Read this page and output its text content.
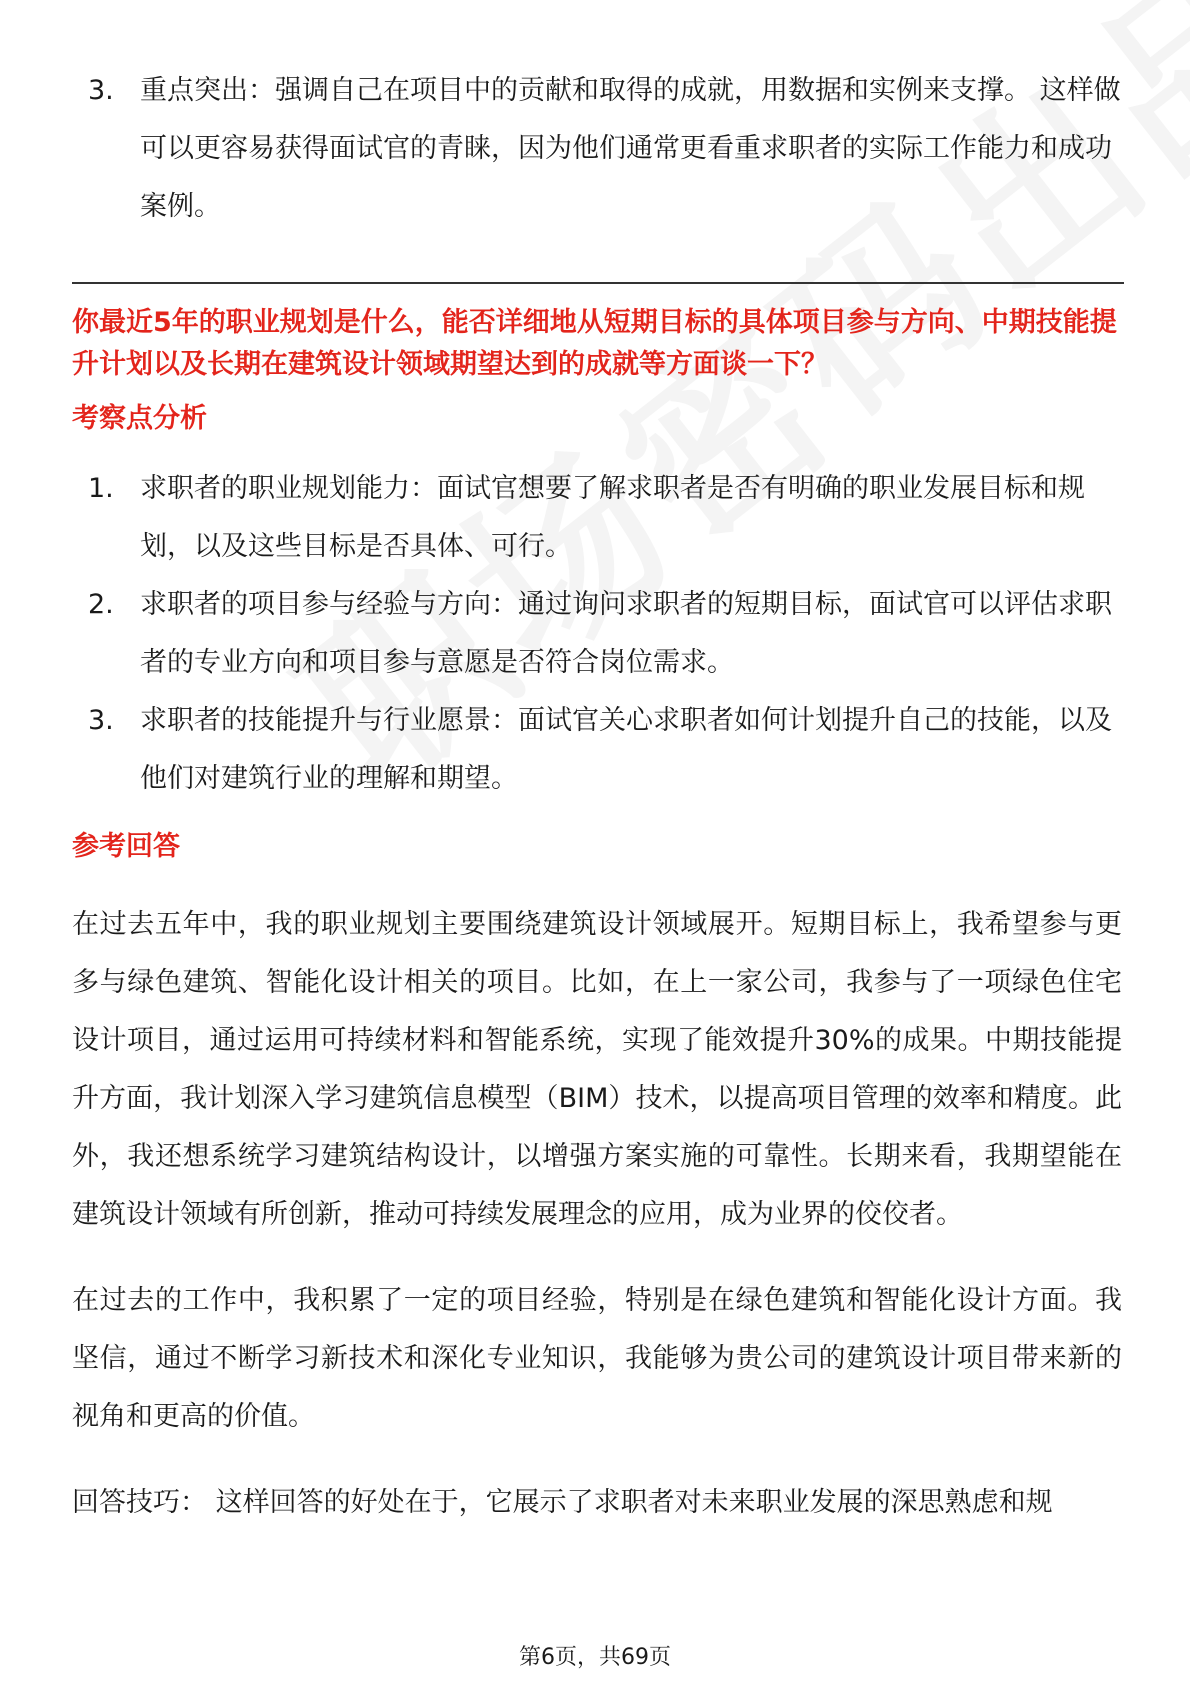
3. 重点突出：强调自己在项目中的贡献和取得的成就，用数据和实例来支撑。 这样做可以更容易获得面试官的青睐，因为他们通常更看重求职者的实际工作能力和成功案例。
你最近5年的职业规划是什么，能否详细地从短期目标的具体项目参与方向、中期技能提升计划以及长期在建筑设计领域期望达到的成就等方面谈一下？
考察点分析
1. 求职者的职业规划能力：面试官想要了解求职者是否有明确的职业发展目标和规划，以及这些目标是否具体、可行。
2. 求职者的项目参与经验与方向：通过询问求职者的短期目标，面试官可以评估求职者的专业方向和项目参与意愿是否符合岗位需求。
3. 求职者的技能提升与行业愿景：面试官关心求职者如何计划提升自己的技能，以及他们对建筑行业的理解和期望。
参考回答

在过去五年中，我的职业规划主要围绕建筑设计领域展开。短期目标上，我希望参与更多与绿色建筑、智能化设计相关的项目。比如，在上一家公司，我参与了一项绿色住宅设计项目，通过运用可持续材料和智能系统，实现了能效提升30%的成果。中期技能提升方面，我计划深入学习建筑信息模型（BIM）技术，以提高项目管理的效率和精度。此外，我还想系统学习建筑结构设计，以增强方案实施的可靠性。长期来看，我期望能在建筑设计领域有所创新，推动可持续发展理念的应用，成为业界的佼佼者。

在过去的工作中，我积累了一定的项目经验，特别是在绿色建筑和智能化设计方面。我坚信，通过不断学习新技术和深化专业知识，我能够为贵公司的建筑设计项目带来新的视角和更高的价值。

回答技巧： 这样回答的好处在于，它展示了求职者对未来职业发展的深思熟虑和规

第6页，共69页
